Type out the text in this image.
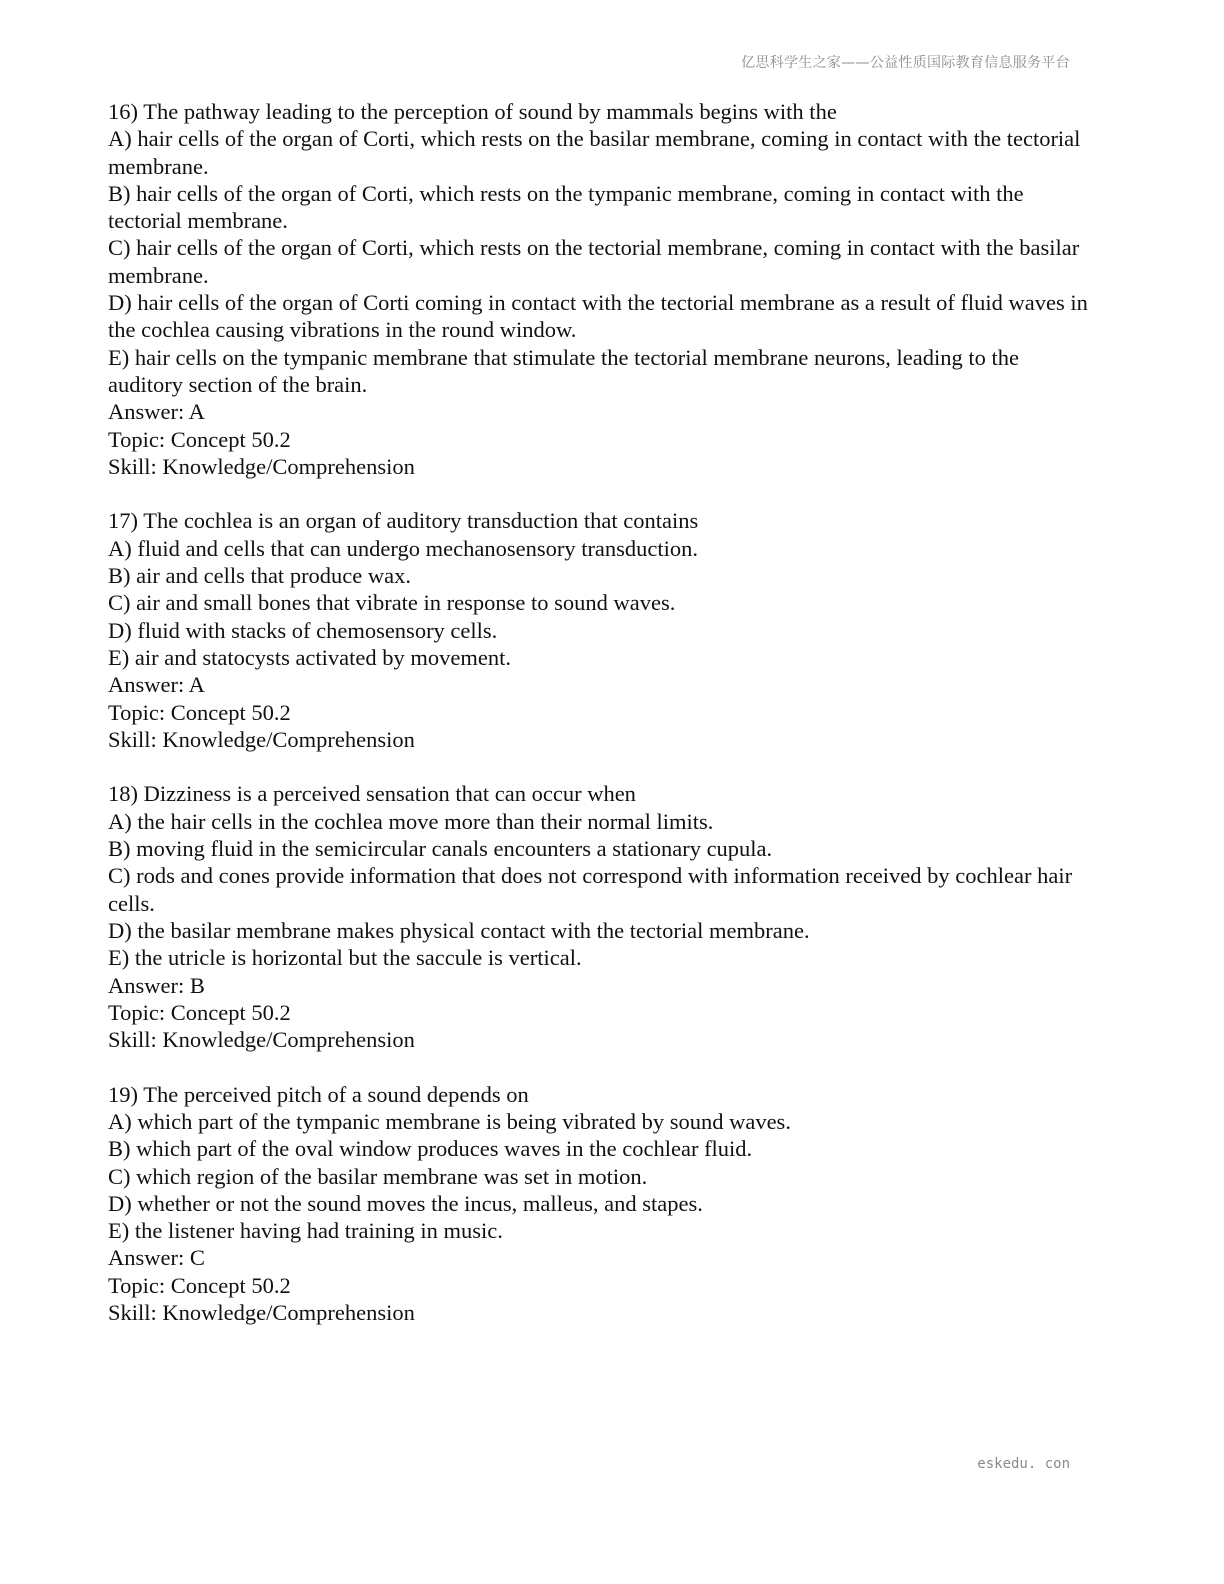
亿思科学生之家——公益性质国际教育信息服务平台
16) The pathway leading to the perception of sound by mammals begins with the
A) hair cells of the organ of Corti, which rests on the basilar membrane, coming in contact with the tectorial membrane.
B) hair cells of the organ of Corti, which rests on the tympanic membrane, coming in contact with the tectorial membrane.
C) hair cells of the organ of Corti, which rests on the tectorial membrane, coming in contact with the basilar membrane.
D) hair cells of the organ of Corti coming in contact with the tectorial membrane as a result of fluid waves in the cochlea causing vibrations in the round window.
E) hair cells on the tympanic membrane that stimulate the tectorial membrane neurons, leading to the auditory section of the brain.
Answer: A
Topic: Concept 50.2
Skill: Knowledge/Comprehension
17) The cochlea is an organ of auditory transduction that contains
A) fluid and cells that can undergo mechanosensory transduction.
B) air and cells that produce wax.
C) air and small bones that vibrate in response to sound waves.
D) fluid with stacks of chemosensory cells.
E) air and statocysts activated by movement.
Answer: A
Topic: Concept 50.2
Skill: Knowledge/Comprehension
18) Dizziness is a perceived sensation that can occur when
A) the hair cells in the cochlea move more than their normal limits.
B) moving fluid in the semicircular canals encounters a stationary cupula.
C) rods and cones provide information that does not correspond with information received by cochlear hair cells.
D) the basilar membrane makes physical contact with the tectorial membrane.
E) the utricle is horizontal but the saccule is vertical.
Answer: B
Topic: Concept 50.2
Skill: Knowledge/Comprehension
19) The perceived pitch of a sound depends on
A) which part of the tympanic membrane is being vibrated by sound waves.
B) which part of the oval window produces waves in the cochlear fluid.
C) which region of the basilar membrane was set in motion.
D) whether or not the sound moves the incus, malleus, and stapes.
E) the listener having had training in music.
Answer: C
Topic: Concept 50.2
Skill: Knowledge/Comprehension
eskedu. con
